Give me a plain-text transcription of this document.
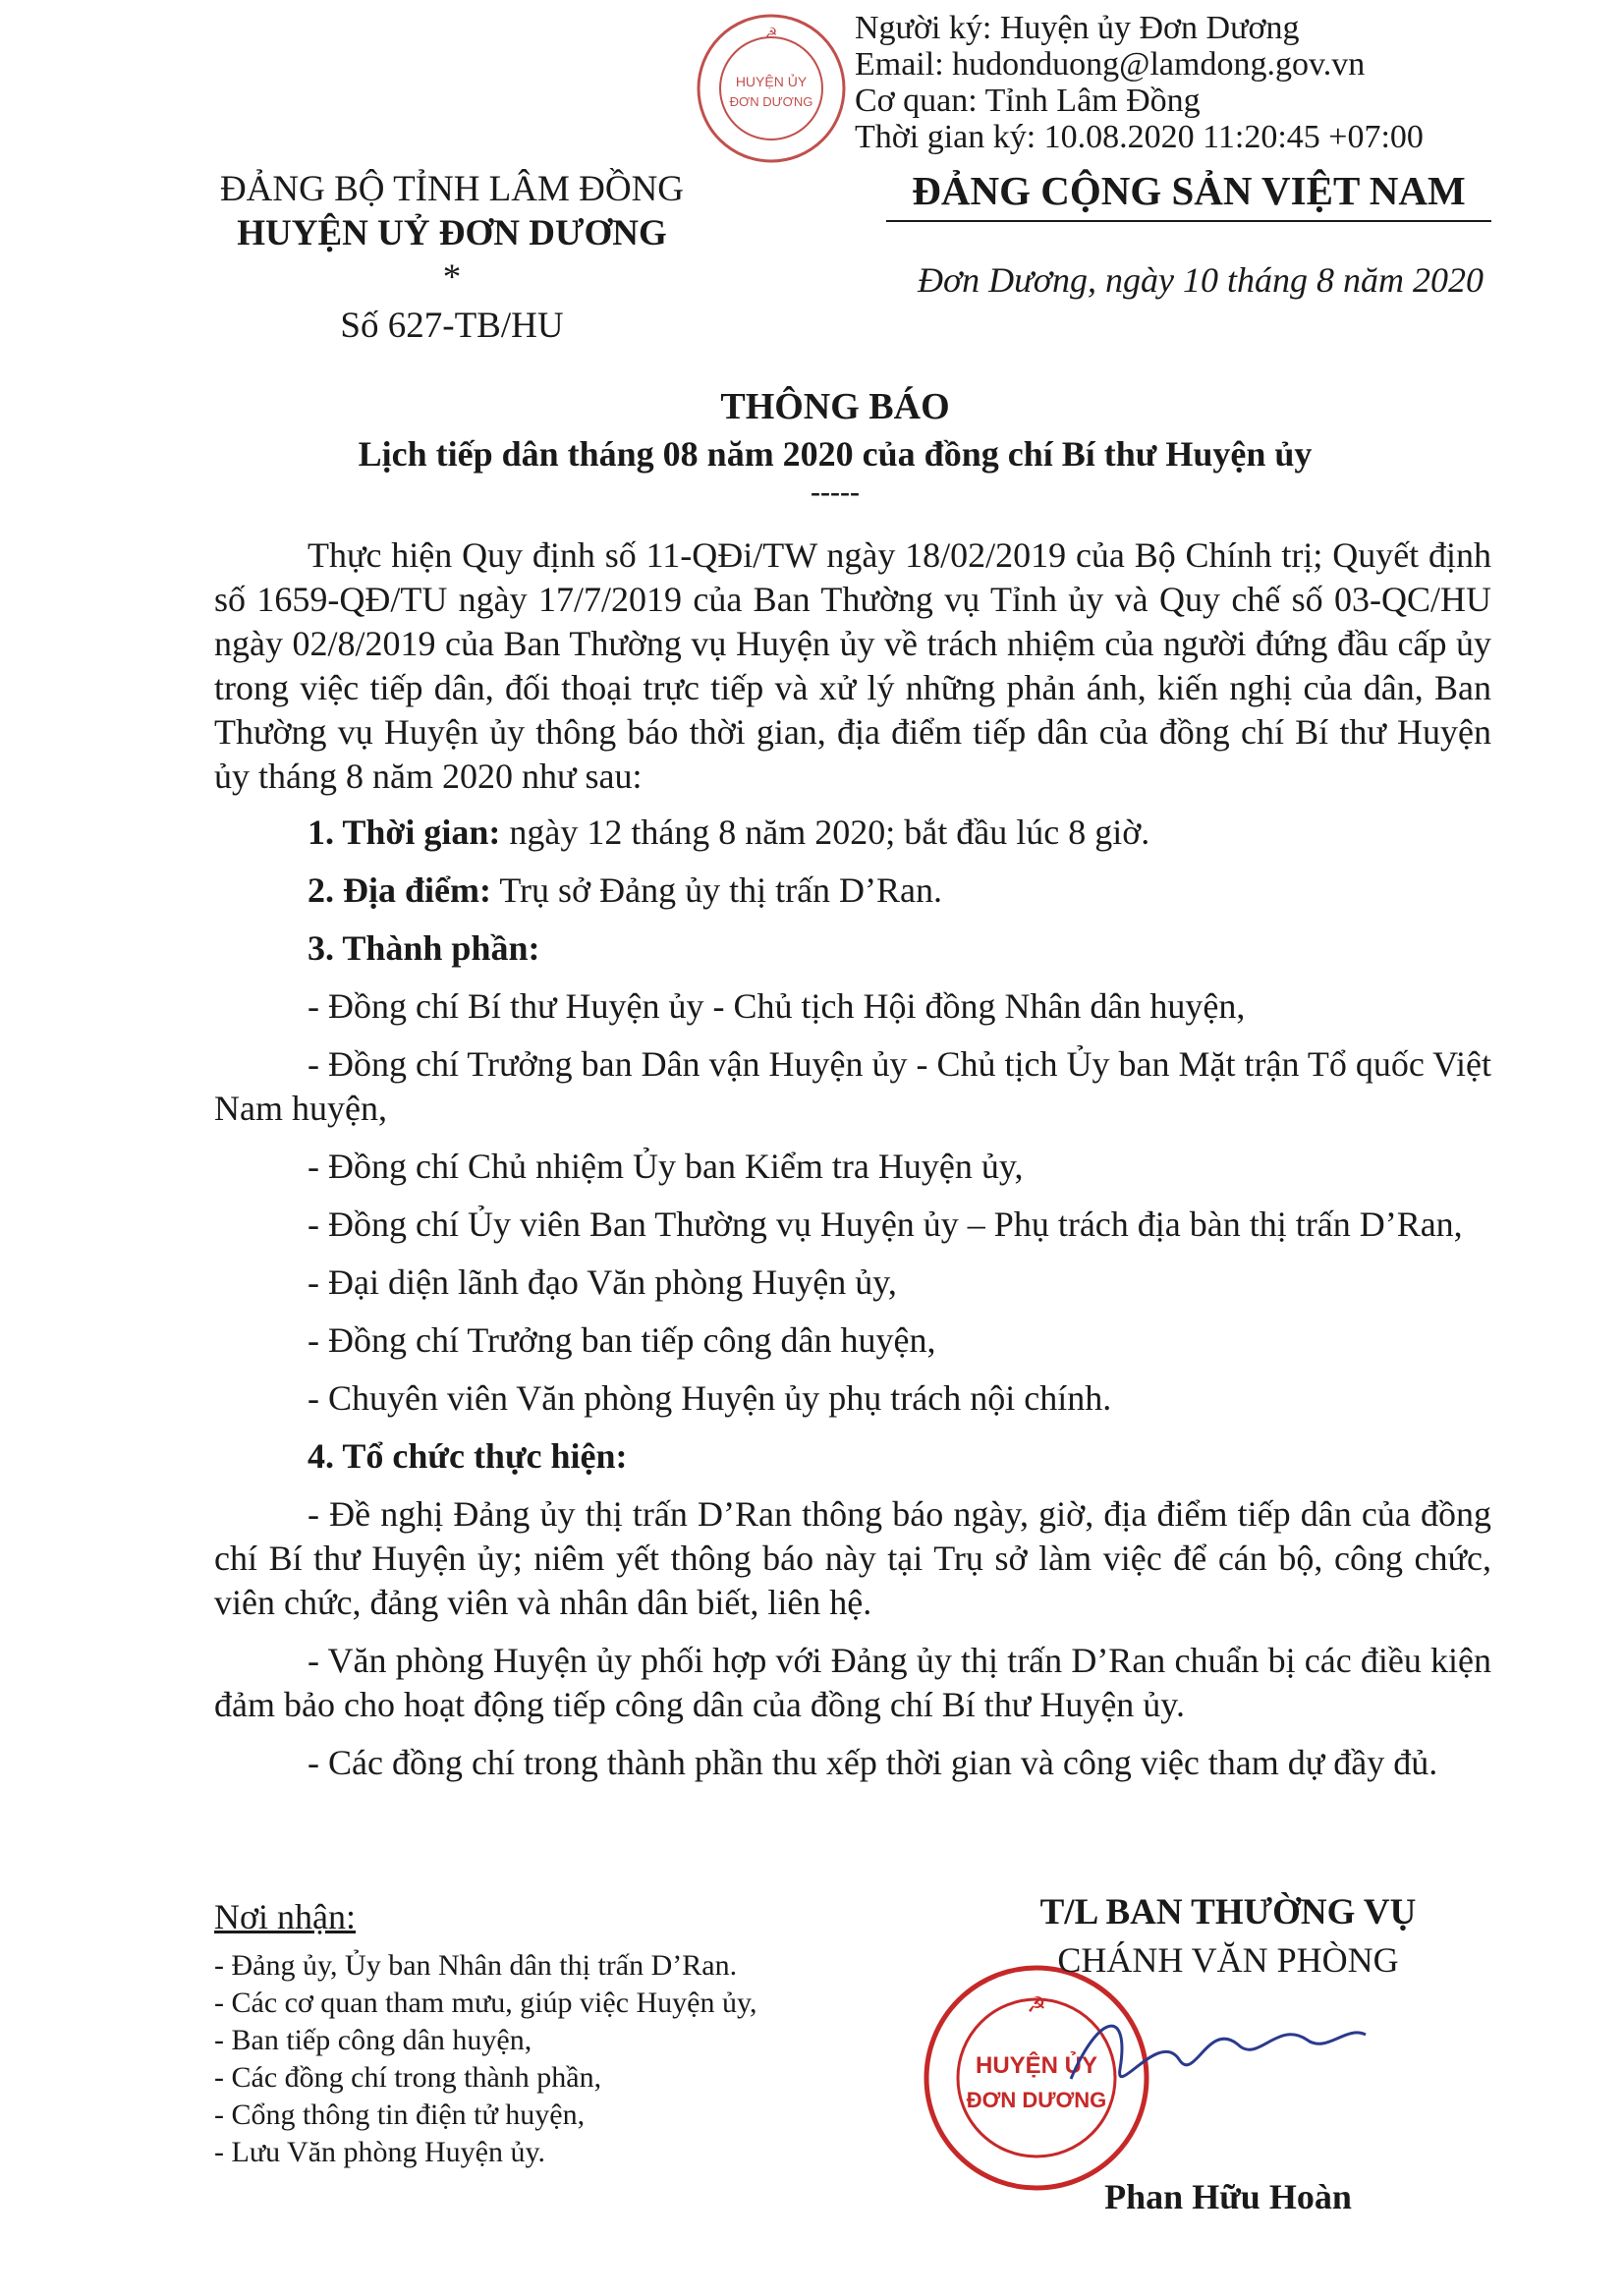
☭
HUYỆN ỦY
ĐƠN DƯƠNG
Người ký: Huyện ủy Đơn Dương
Email: hudonduong@lamdong.gov.vn
Cơ quan: Tỉnh Lâm Đồng
Thời gian ký: 10.08.2020 11:20:45 +07:00
ĐẢNG BỘ TỈNH LÂM ĐỒNG
HUYỆN UỶ ĐƠN DƯƠNG
*
Số 627-TB/HU
ĐẢNG CỘNG SẢN VIỆT NAM
Đơn Dương, ngày 10 tháng 8 năm 2020
THÔNG BÁO
Lịch tiếp dân tháng 08 năm 2020 của đồng chí Bí thư Huyện ủy
-----

Thực hiện Quy định số 11-QĐi/TW ngày 18/02/2019 của Bộ Chính trị; Quyết định số 1659-QĐ/TU ngày 17/7/2019 của Ban Thường vụ Tỉnh ủy và Quy chế số 03-QC/HU ngày 02/8/2019 của Ban Thường vụ Huyện ủy về trách nhiệm của người đứng đầu cấp ủy trong việc tiếp dân, đối thoại trực tiếp và xử lý những phản ánh, kiến nghị của dân, Ban Thường vụ Huyện ủy thông báo thời gian, địa điểm tiếp dân của đồng chí Bí thư Huyện ủy tháng 8 năm 2020 như sau:

1. Thời gian: ngày 12 tháng 8 năm 2020; bắt đầu lúc 8 giờ.
2. Địa điểm: Trụ sở Đảng ủy thị trấn D’Ran.
3. Thành phần:

- Đồng chí Bí thư Huyện ủy - Chủ tịch Hội đồng Nhân dân huyện,

- Đồng chí Trưởng ban Dân vận Huyện ủy - Chủ tịch Ủy ban Mặt trận Tổ quốc Việt Nam huyện,

- Đồng chí Chủ nhiệm Ủy ban Kiểm tra Huyện ủy,

- Đồng chí Ủy viên Ban Thường vụ Huyện ủy – Phụ trách địa bàn thị trấn D’Ran,

- Đại diện lãnh đạo Văn phòng Huyện ủy,

- Đồng chí Trưởng ban tiếp công dân huyện,

- Chuyên viên Văn phòng Huyện ủy phụ trách nội chính.

4. Tổ chức thực hiện:

- Đề nghị Đảng ủy thị trấn D’Ran thông báo ngày, giờ, địa điểm tiếp dân của đồng chí Bí thư Huyện ủy; niêm yết thông báo này tại Trụ sở làm việc để cán bộ, công chức, viên chức, đảng viên và nhân dân biết, liên hệ.

- Văn phòng Huyện ủy phối hợp với Đảng ủy thị trấn D’Ran chuẩn bị các điều kiện đảm bảo cho hoạt động tiếp công dân của đồng chí Bí thư Huyện ủy.

- Các đồng chí trong thành phần thu xếp thời gian và công việc tham dự đầy đủ.

Nơi nhận:
- Đảng ủy, Ủy ban Nhân dân thị trấn D’Ran.
- Các cơ quan tham mưu, giúp việc Huyện ủy,
- Ban tiếp công dân huyện,
- Các đồng chí trong thành phần,
- Cổng thông tin điện tử huyện,
- Lưu Văn phòng Huyện ủy.
☭
HUYỆN ỦY
ĐƠN DƯƠNG
T/L BAN THƯỜNG VỤ
CHÁNH VĂN PHÒNG
Phan Hữu Hoàn
